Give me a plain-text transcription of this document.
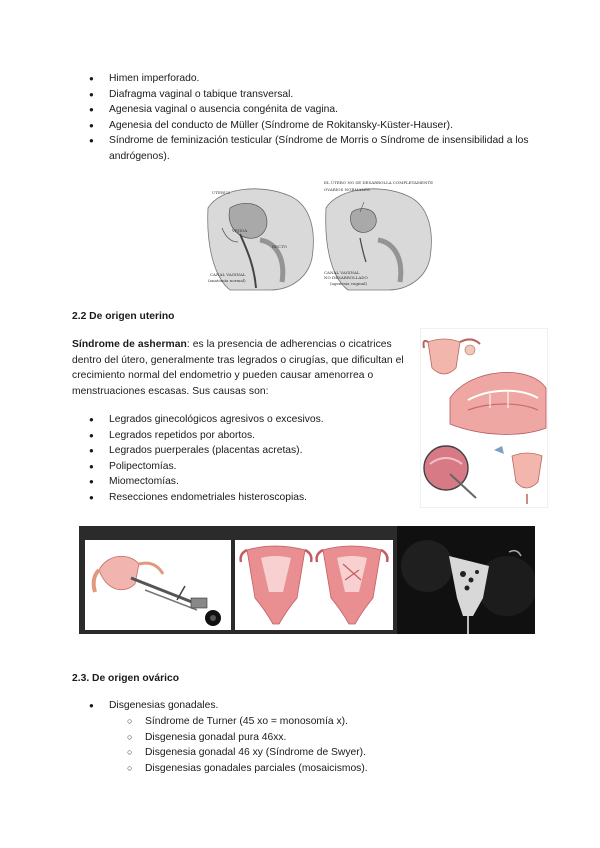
● Himen imperforado.
● Diafragma vaginal o tabique transversal.
● Agenesia vaginal o ausencia congénita de vagina.
● Agenesia del conducto de Müller (Síndrome de Rokitansky-Küster-Hauser).
● Síndrome de feminización testicular (Síndrome de Morris o Síndrome de insensibilidad a los andrógenos).
UTERUS
VEJIGA
RECTO
CANAL VAGINAL
(anatomía normal)
EL ÚTERO NO SE DESARROLLA COMPLETAMENTE
OVARIOS NORMALES
CANAL VAGINAL
NO DESARROLLADO
(agenesia vaginal)
2.2 De origen uterino
Síndrome de asherman: es la presencia de adherencias o cicatrices dentro del útero, generalmente tras legrados o cirugías, que dificultan el crecimiento normal del endometrio y pueden causar amenorrea o menstruaciones escasas. Sus causas son:
● Legrados ginecológicos agresivos o excesivos.
● Legrados repetidos por abortos.
● Legrados puerperales (placentas acretas).
● Polipectomías.
● Miomectomías.
● Resecciones endometriales histeroscopias.
2.3. De origen ovárico
● Disgenesias gonadales.
○ Síndrome de Turner (45 xo = monosomía x).
○ Disgenesia gonadal pura 46xx.
○ Disgenesia gonadal 46 xy (Síndrome de Swyer).
○ Disgenesias gonadales parciales (mosaicismos).
